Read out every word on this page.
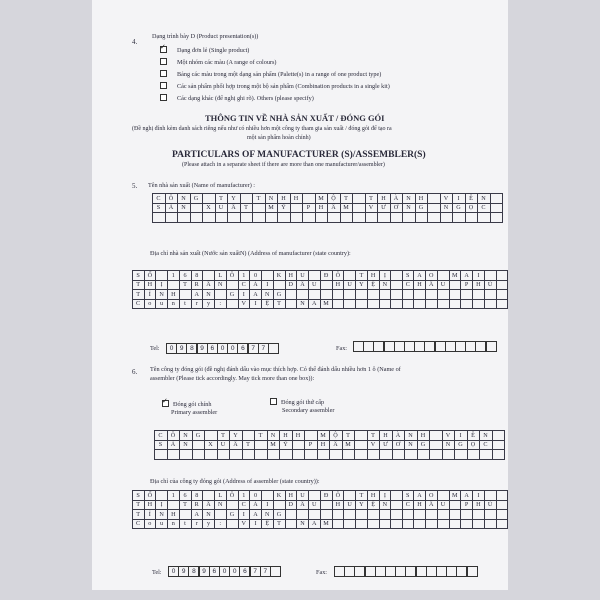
4.
Dạng trình bày D (Product presentation(s))
✓Dạng đơn lẻ (Single product)
Một nhóm các màu (A range of colours)
Bảng các màu trong một dạng sản phẩm (Palette(s) in a range of one product type)
Các sản phẩm phối hợp trong một bộ sản phẩm (Combination products in a single kit)
Các dạng khác (để nghị ghi rõ). Others (please specify)
THÔNG TIN VỀ NHÀ SẢN XUẤT / ĐÓNG GÓI
(Đề nghị đính kèm danh sách riêng nếu như có nhiều hơn một công ty tham gia sản xuất / đóng gói để tạo ra
một sản phẩm hoàn chỉnh)
PARTICULARS OF MANUFACTURER (S)/ASSEMBLER(S)
(Please attach in a separate sheet if there are more than one manufacturer/assembler)
5. Tên nhà sản xuất (Name of manufacturer) :
C	Ô	N	G		T	Y		T	N	H	H		M	Ộ	T		T	H	À	N	H		V	I	Ê	N	
S	Ả	N		X	U	Ấ	T		M	Ỹ		P	H	Ẩ	M		V	Ư	Ơ	N	G		N	G	Ọ	C	

Địa chỉ nhà sản xuất (Nước sản xuấtN) (Address of manufacturer (state country):
S	Ố		1	6	8		L	Ô	1	0		K	H	U		Đ	Ô		T	H	Ị		S	A	O		M	A	I		
T	H	Ị		T	R	Ấ	N		C	Á	I		D	Ầ	U		H	U	Y	Ệ	N		C	H	Â	U		P	H	Ú	
T	Ỉ	N	H		A	N		G	I	A	N	G																			
C	o	u	n	t	r	y	:		V	I	Ệ	T		N	A	M															
Tel:	0	9	8	9	6	0	0	6	7	7	Fax:
6. Tên công ty đóng gói (đề nghị đánh dấu vào mục thích hợp. Có thể đánh dấu nhiều hơn 1 ô (Name of
assembler (Please tick accordingly. May tick more than one box)):
✓Đóng gói chính
Primary assembler
Đóng gói thứ cấp
Secondary assembler
C	Ô	N	G		T	Y		T	N	H	H		M	Ộ	T		T	H	À	N	H		V	I	Ê	N	
S	Ả	N		X	U	Ấ	T		M	Ỹ		P	H	Ẩ	M		V	Ư	Ơ	N	G		N	G	Ọ	C	

Địa chỉ của công ty đóng gói (Address of assembler (state country)):
S	Ố		1	6	8		L	Ô	1	0		K	H	U		Đ	Ô		T	H	Ị		S	A	O		M	A	I		
T	H	Ị		T	R	Ấ	N		C	Á	I		D	Ầ	U		H	U	Y	Ệ	N		C	H	Â	U		P	H	Ú	
T	Ỉ	N	H		A	N		G	I	A	N	G																			
C	o	u	n	t	r	y	:		V	I	Ệ	T		N	A	M															
Tel:	0	9	8	9	6	0	0	6	7	7	Fax:
